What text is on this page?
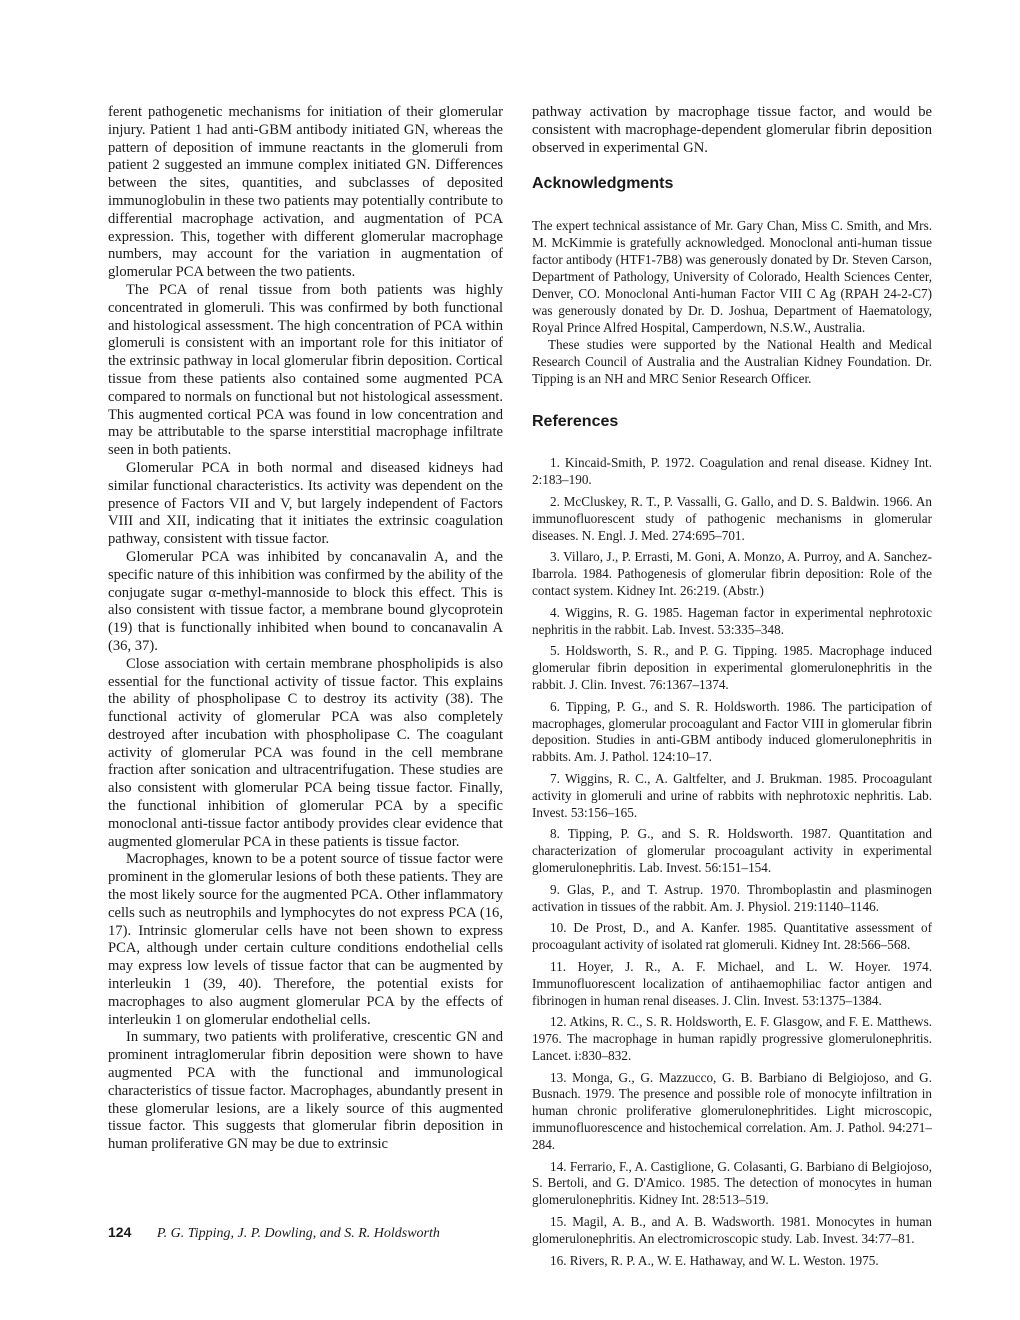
ferent pathogenetic mechanisms for initiation of their glomerular injury. Patient 1 had anti-GBM antibody initiated GN, whereas the pattern of deposition of immune reactants in the glomeruli from patient 2 suggested an immune complex initiated GN. Differences between the sites, quantities, and subclasses of deposited immunoglobulin in these two patients may potentially contribute to differential macrophage activation, and augmentation of PCA expression. This, together with different glomerular macrophage numbers, may account for the variation in augmentation of glomerular PCA between the two patients.

The PCA of renal tissue from both patients was highly concentrated in glomeruli. This was confirmed by both functional and histological assessment. The high concentration of PCA within glomeruli is consistent with an important role for this initiator of the extrinsic pathway in local glomerular fibrin deposition. Cortical tissue from these patients also contained some augmented PCA compared to normals on functional but not histological assessment. This augmented cortical PCA was found in low concentration and may be attributable to the sparse interstitial macrophage infiltrate seen in both patients.

Glomerular PCA in both normal and diseased kidneys had similar functional characteristics. Its activity was dependent on the presence of Factors VII and V, but largely independent of Factors VIII and XII, indicating that it initiates the extrinsic coagulation pathway, consistent with tissue factor.

Glomerular PCA was inhibited by concanavalin A, and the specific nature of this inhibition was confirmed by the ability of the conjugate sugar α-methyl-mannoside to block this effect. This is also consistent with tissue factor, a membrane bound glycoprotein (19) that is functionally inhibited when bound to concanavalin A (36, 37).

Close association with certain membrane phospholipids is also essential for the functional activity of tissue factor. This explains the ability of phospholipase C to destroy its activity (38). The functional activity of glomerular PCA was also completely destroyed after incubation with phospholipase C. The coagulant activity of glomerular PCA was found in the cell membrane fraction after sonication and ultracentrifugation. These studies are also consistent with glomerular PCA being tissue factor. Finally, the functional inhibition of glomerular PCA by a specific monoclonal anti-tissue factor antibody provides clear evidence that augmented glomerular PCA in these patients is tissue factor.

Macrophages, known to be a potent source of tissue factor were prominent in the glomerular lesions of both these patients. They are the most likely source for the augmented PCA. Other inflammatory cells such as neutrophils and lymphocytes do not express PCA (16, 17). Intrinsic glomerular cells have not been shown to express PCA, although under certain culture conditions endothelial cells may express low levels of tissue factor that can be augmented by interleukin 1 (39, 40). Therefore, the potential exists for macrophages to also augment glomerular PCA by the effects of interleukin 1 on glomerular endothelial cells.

In summary, two patients with proliferative, crescentic GN and prominent intraglomerular fibrin deposition were shown to have augmented PCA with the functional and immunological characteristics of tissue factor. Macrophages, abundantly present in these glomerular lesions, are a likely source of this augmented tissue factor. This suggests that glomerular fibrin deposition in human proliferative GN may be due to extrinsic

pathway activation by macrophage tissue factor, and would be consistent with macrophage-dependent glomerular fibrin deposition observed in experimental GN.

Acknowledgments

The expert technical assistance of Mr. Gary Chan, Miss C. Smith, and Mrs. M. McKimmie is gratefully acknowledged. Monoclonal anti-human tissue factor antibody (HTF1-7B8) was generously donated by Dr. Steven Carson, Department of Pathology, University of Colorado, Health Sciences Center, Denver, CO. Monoclonal Anti-human Factor VIII C Ag (RPAH 24-2-C7) was generously donated by Dr. D. Joshua, Department of Haematology, Royal Prince Alfred Hospital, Camperdown, N.S.W., Australia.

These studies were supported by the National Health and Medical Research Council of Australia and the Australian Kidney Foundation. Dr. Tipping is an NH and MRC Senior Research Officer.

References
1. Kincaid-Smith, P. 1972. Coagulation and renal disease. Kidney Int. 2:183–190.
2. McCluskey, R. T., P. Vassalli, G. Gallo, and D. S. Baldwin. 1966. An immunofluorescent study of pathogenic mechanisms in glomerular diseases. N. Engl. J. Med. 274:695–701.
3. Villaro, J., P. Errasti, M. Goni, A. Monzo, A. Purroy, and A. Sanchez-Ibarrola. 1984. Pathogenesis of glomerular fibrin deposition: Role of the contact system. Kidney Int. 26:219. (Abstr.)
4. Wiggins, R. G. 1985. Hageman factor in experimental nephrotoxic nephritis in the rabbit. Lab. Invest. 53:335–348.
5. Holdsworth, S. R., and P. G. Tipping. 1985. Macrophage induced glomerular fibrin deposition in experimental glomerulonephritis in the rabbit. J. Clin. Invest. 76:1367–1374.
6. Tipping, P. G., and S. R. Holdsworth. 1986. The participation of macrophages, glomerular procoagulant and Factor VIII in glomerular fibrin deposition. Studies in anti-GBM antibody induced glomerulonephritis in rabbits. Am. J. Pathol. 124:10–17.
7. Wiggins, R. C., A. Galtfelter, and J. Brukman. 1985. Procoagulant activity in glomeruli and urine of rabbits with nephrotoxic nephritis. Lab. Invest. 53:156–165.
8. Tipping, P. G., and S. R. Holdsworth. 1987. Quantitation and characterization of glomerular procoagulant activity in experimental glomerulonephritis. Lab. Invest. 56:151–154.
9. Glas, P., and T. Astrup. 1970. Thromboplastin and plasminogen activation in tissues of the rabbit. Am. J. Physiol. 219:1140–1146.
10. De Prost, D., and A. Kanfer. 1985. Quantitative assessment of procoagulant activity of isolated rat glomeruli. Kidney Int. 28:566–568.
11. Hoyer, J. R., A. F. Michael, and L. W. Hoyer. 1974. Immunofluorescent localization of antihaemophiliac factor antigen and fibrinogen in human renal diseases. J. Clin. Invest. 53:1375–1384.
12. Atkins, R. C., S. R. Holdsworth, E. F. Glasgow, and F. E. Matthews. 1976. The macrophage in human rapidly progressive glomerulonephritis. Lancet. i:830–832.
13. Monga, G., G. Mazzucco, G. B. Barbiano di Belgiojoso, and G. Busnach. 1979. The presence and possible role of monocyte infiltration in human chronic proliferative glomerulonephritides. Light microscopic, immunofluorescence and histochemical correlation. Am. J. Pathol. 94:271–284.
14. Ferrario, F., A. Castiglione, G. Colasanti, G. Barbiano di Belgiojoso, S. Bertoli, and G. D'Amico. 1985. The detection of monocytes in human glomerulonephritis. Kidney Int. 28:513–519.
15. Magil, A. B., and A. B. Wadsworth. 1981. Monocytes in human glomerulonephritis. An electromicroscopic study. Lab. Invest. 34:77–81.
16. Rivers, R. P. A., W. E. Hathaway, and W. L. Weston. 1975.
124 P. G. Tipping, J. P. Dowling, and S. R. Holdsworth
